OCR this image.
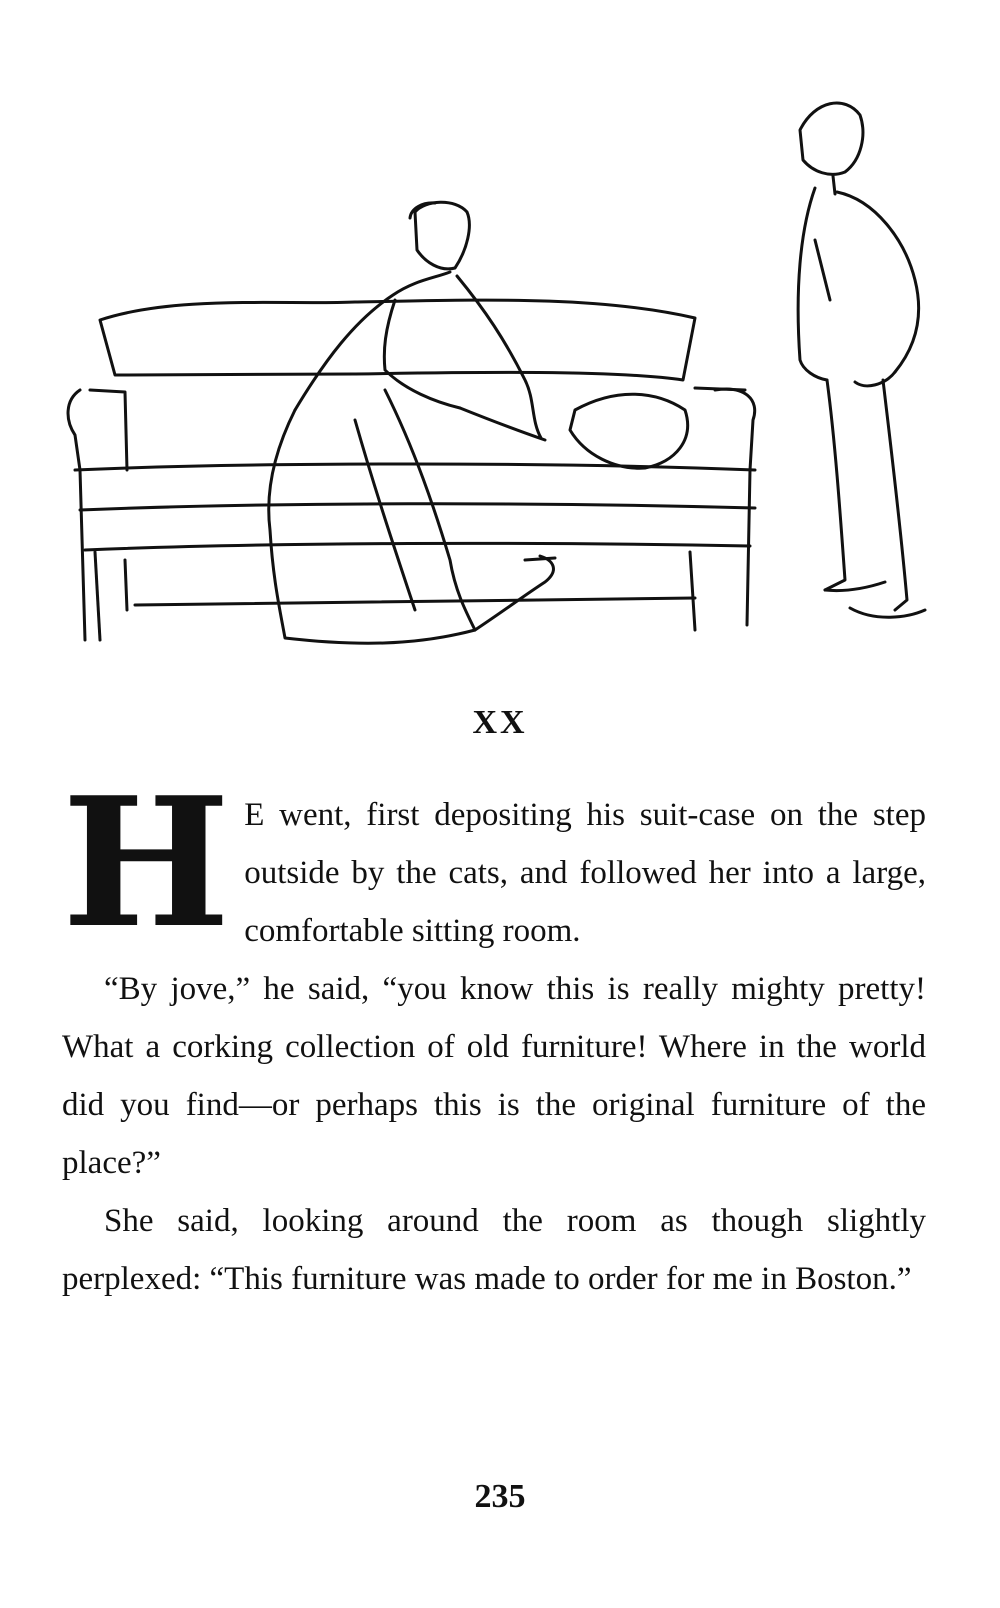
XX

H E went, first depositing his suit-case on the step outside by the cats, and followed her into a large, comfortable sitting room.

“By jove,” he said, “you know this is really mighty pretty! What a corking collection of old furniture! Where in the world did you find—or perhaps this is the original furniture of the place?”

She said, looking around the room as though slightly perplexed: “This furniture was made to order for me in Boston.”

235
